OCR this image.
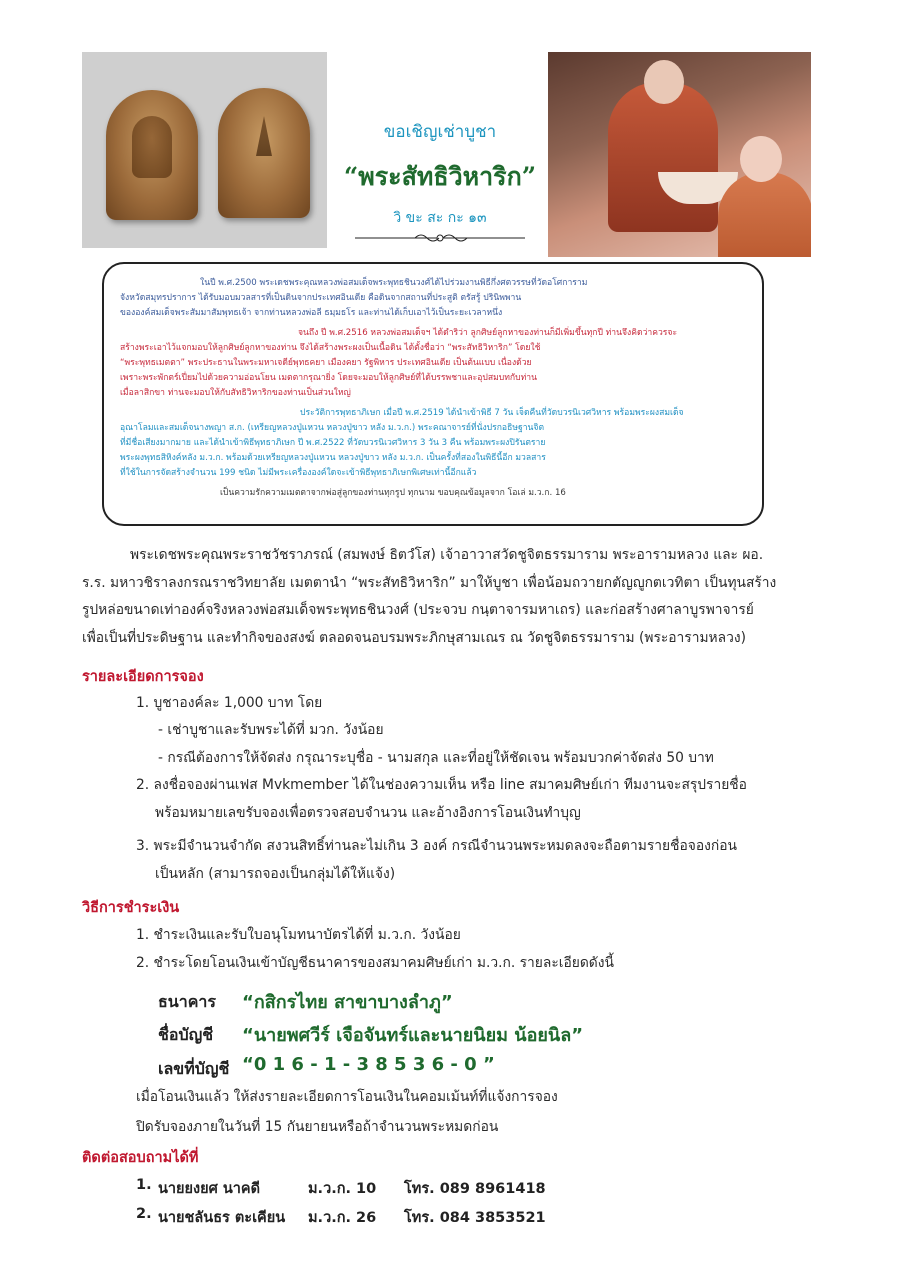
ขอเชิญเช่าบูชา
“พระสัทธิวิหาริก”
วิ ขะ สะ กะ ๑๓
ในปี พ.ศ.2500 พระเดชพระคุณหลวงพ่อสมเด็จพระพุทธชินวงศ์ได้ไปร่วมงานพิธีกึ่งศตวรรษที่วัดอโศการาม
จังหวัดสมุทรปราการ ได้รับมอบมวลสารที่เป็นดินจากประเทศอินเดีย คือดินจากสถานที่ประสูติ ตรัสรู้ ปรินิพพาน
ขององค์สมเด็จพระสัมมาสัมพุทธเจ้า จากท่านหลวงพ่อลี ธมฺมธโร และท่านได้เก็บเอาไว้เป็นระยะเวลาหนึ่ง
จนถึง ปี พ.ศ.2516 หลวงพ่อสมเด็จฯ ได้ดำริว่า ลูกศิษย์ลูกหาของท่านก็มีเพิ่มขึ้นทุกปี ท่านจึงคิดว่าควรจะ
สร้างพระเอาไว้แจกมอบให้ลูกศิษย์ลูกหาของท่าน จึงได้สร้างพระผงเป็นเนื้อดิน ได้ตั้งชื่อว่า “พระสัทธิวิหาริก” โดยใช้
“พระพุทธเมตตา” พระประธานในพระมหาเจดีย์พุทธคยา เมืองคยา รัฐพิหาร ประเทศอินเดีย เป็นต้นแบบ เนื่องด้วย
เพราะพระพักตร์เปี่ยมไปด้วยความอ่อนโยน เมตตากรุณายิ่ง โดยจะมอบให้ลูกศิษย์ที่ได้บรรพชาและอุปสมบทกับท่าน
เมื่อลาสิกขา ท่านจะมอบให้กับสัทธิวิหาริกของท่านเป็นส่วนใหญ่
ประวัติการพุทธาภิเษก เมื่อปี พ.ศ.2519 ได้นำเข้าพิธี 7 วัน เจ็ดคืนที่วัดบวรนิเวศวิหาร พร้อมพระผงสมเด็จ
อุณาโลมและสมเด็จนางพญา ส.ก. (เหรียญหลวงปู่แหวน หลวงปู่ขาว หลัง ม.ว.ก.) พระคณาจารย์ที่นั่งปรกอธิษฐานจิต
ที่มีชื่อเสียงมากมาย และได้นำเข้าพิธีพุทธาภิเษก ปี พ.ศ.2522 ที่วัดบวรนิเวศวิหาร 3 วัน 3 คืน พร้อมพระผงปิรันตราย
พระผงพุทธสิหิงค์หลัง ม.ว.ก. พร้อมด้วยเหรียญหลวงปู่แหวน หลวงปู่ขาว หลัง ม.ว.ก. เป็นครั้งที่สองในพิธีนี้อีก มวลสาร
ที่ใช้ในการจัดสร้างจำนวน 199 ชนิด ไม่มีพระเครื่ององค์ใดจะเข้าพิธีพุทธาภิเษกพิเศษเท่านี้อีกแล้ว
เป็นความรักความเมตตาจากพ่อสู่ลูกของท่านทุกรูป ทุกนาม ขอบคุณข้อมูลจาก โอเล่ ม.ว.ก. 16
พระเดชพระคุณพระราชวัชราภรณ์ (สมพงษ์ ธิตวํโส) เจ้าอาวาสวัดชูจิตธรรมาราม พระอารามหลวง และ ผอ.
ร.ร. มหาวชิราลงกรณราชวิทยาลัย เมตตานำ “พระสัทธิวิหาริก” มาให้บูชา เพื่อน้อมถวายกตัญญูกตเวทิตา เป็นทุนสร้าง
รูปหล่อขนาดเท่าองค์จริงหลวงพ่อสมเด็จพระพุทธชินวงศ์ (ประจวบ กนฺตาจารมหาเถร) และก่อสร้างศาลาบูรพาจารย์
เพื่อเป็นที่ประดิษฐาน และทำกิจของสงฆ์ ตลอดจนอบรมพระภิกษุสามเณร ณ วัดชูจิตธรรมาราม (พระอารามหลวง)
รายละเอียดการจอง
1. บูชาองค์ละ 1,000 บาท โดย
- เช่าบูชาและรับพระได้ที่ มวก. วังน้อย
- กรณีต้องการให้จัดส่ง กรุณาระบุชื่อ - นามสกุล และที่อยู่ให้ชัดเจน พร้อมบวกค่าจัดส่ง 50 บาท
2. ลงชื่อจองผ่านเฟส Mvkmember ได้ในช่องความเห็น หรือ line สมาคมศิษย์เก่า ทีมงานจะสรุปรายชื่อ
พร้อมหมายเลขรับจองเพื่อตรวจสอบจำนวน และอ้างอิงการโอนเงินทำบุญ
3. พระมีจำนวนจำกัด สงวนสิทธิ์ท่านละไม่เกิน 3 องค์ กรณีจำนวนพระหมดลงจะถือตามรายชื่อจองก่อน
เป็นหลัก (สามารถจองเป็นกลุ่มได้ให้แจ้ง)
วิธีการชำระเงิน
1. ชำระเงินและรับใบอนุโมทนาบัตรได้ที่ ม.ว.ก. วังน้อย
2. ชำระโดยโอนเงินเข้าบัญชีธนาคารของสมาคมศิษย์เก่า ม.ว.ก. รายละเอียดดังนี้
ธนาคาร “กสิกรไทย สาขาบางลำภู”
ชื่อบัญชี “นายพศวีร์ เจือจันทร์และนายนิยม น้อยนิล”
เลขที่บัญชี “0 1 6 - 1 - 3 8 5 3 6 - 0 ”
เมื่อโอนเงินแล้ว ให้ส่งรายละเอียดการโอนเงินในคอมเม้นท์ที่แจ้งการจอง
ปิดรับจองภายในวันที่ 15 กันยายนหรือถ้าจำนวนพระหมดก่อน
ติดต่อสอบถามได้ที่
1. นายยงยศ นาคดี	ม.ว.ก. 10 โทร. 089 8961418
2. นายชลันธร ตะเคียน ม.ว.ก. 26 โทร. 084 3853521
